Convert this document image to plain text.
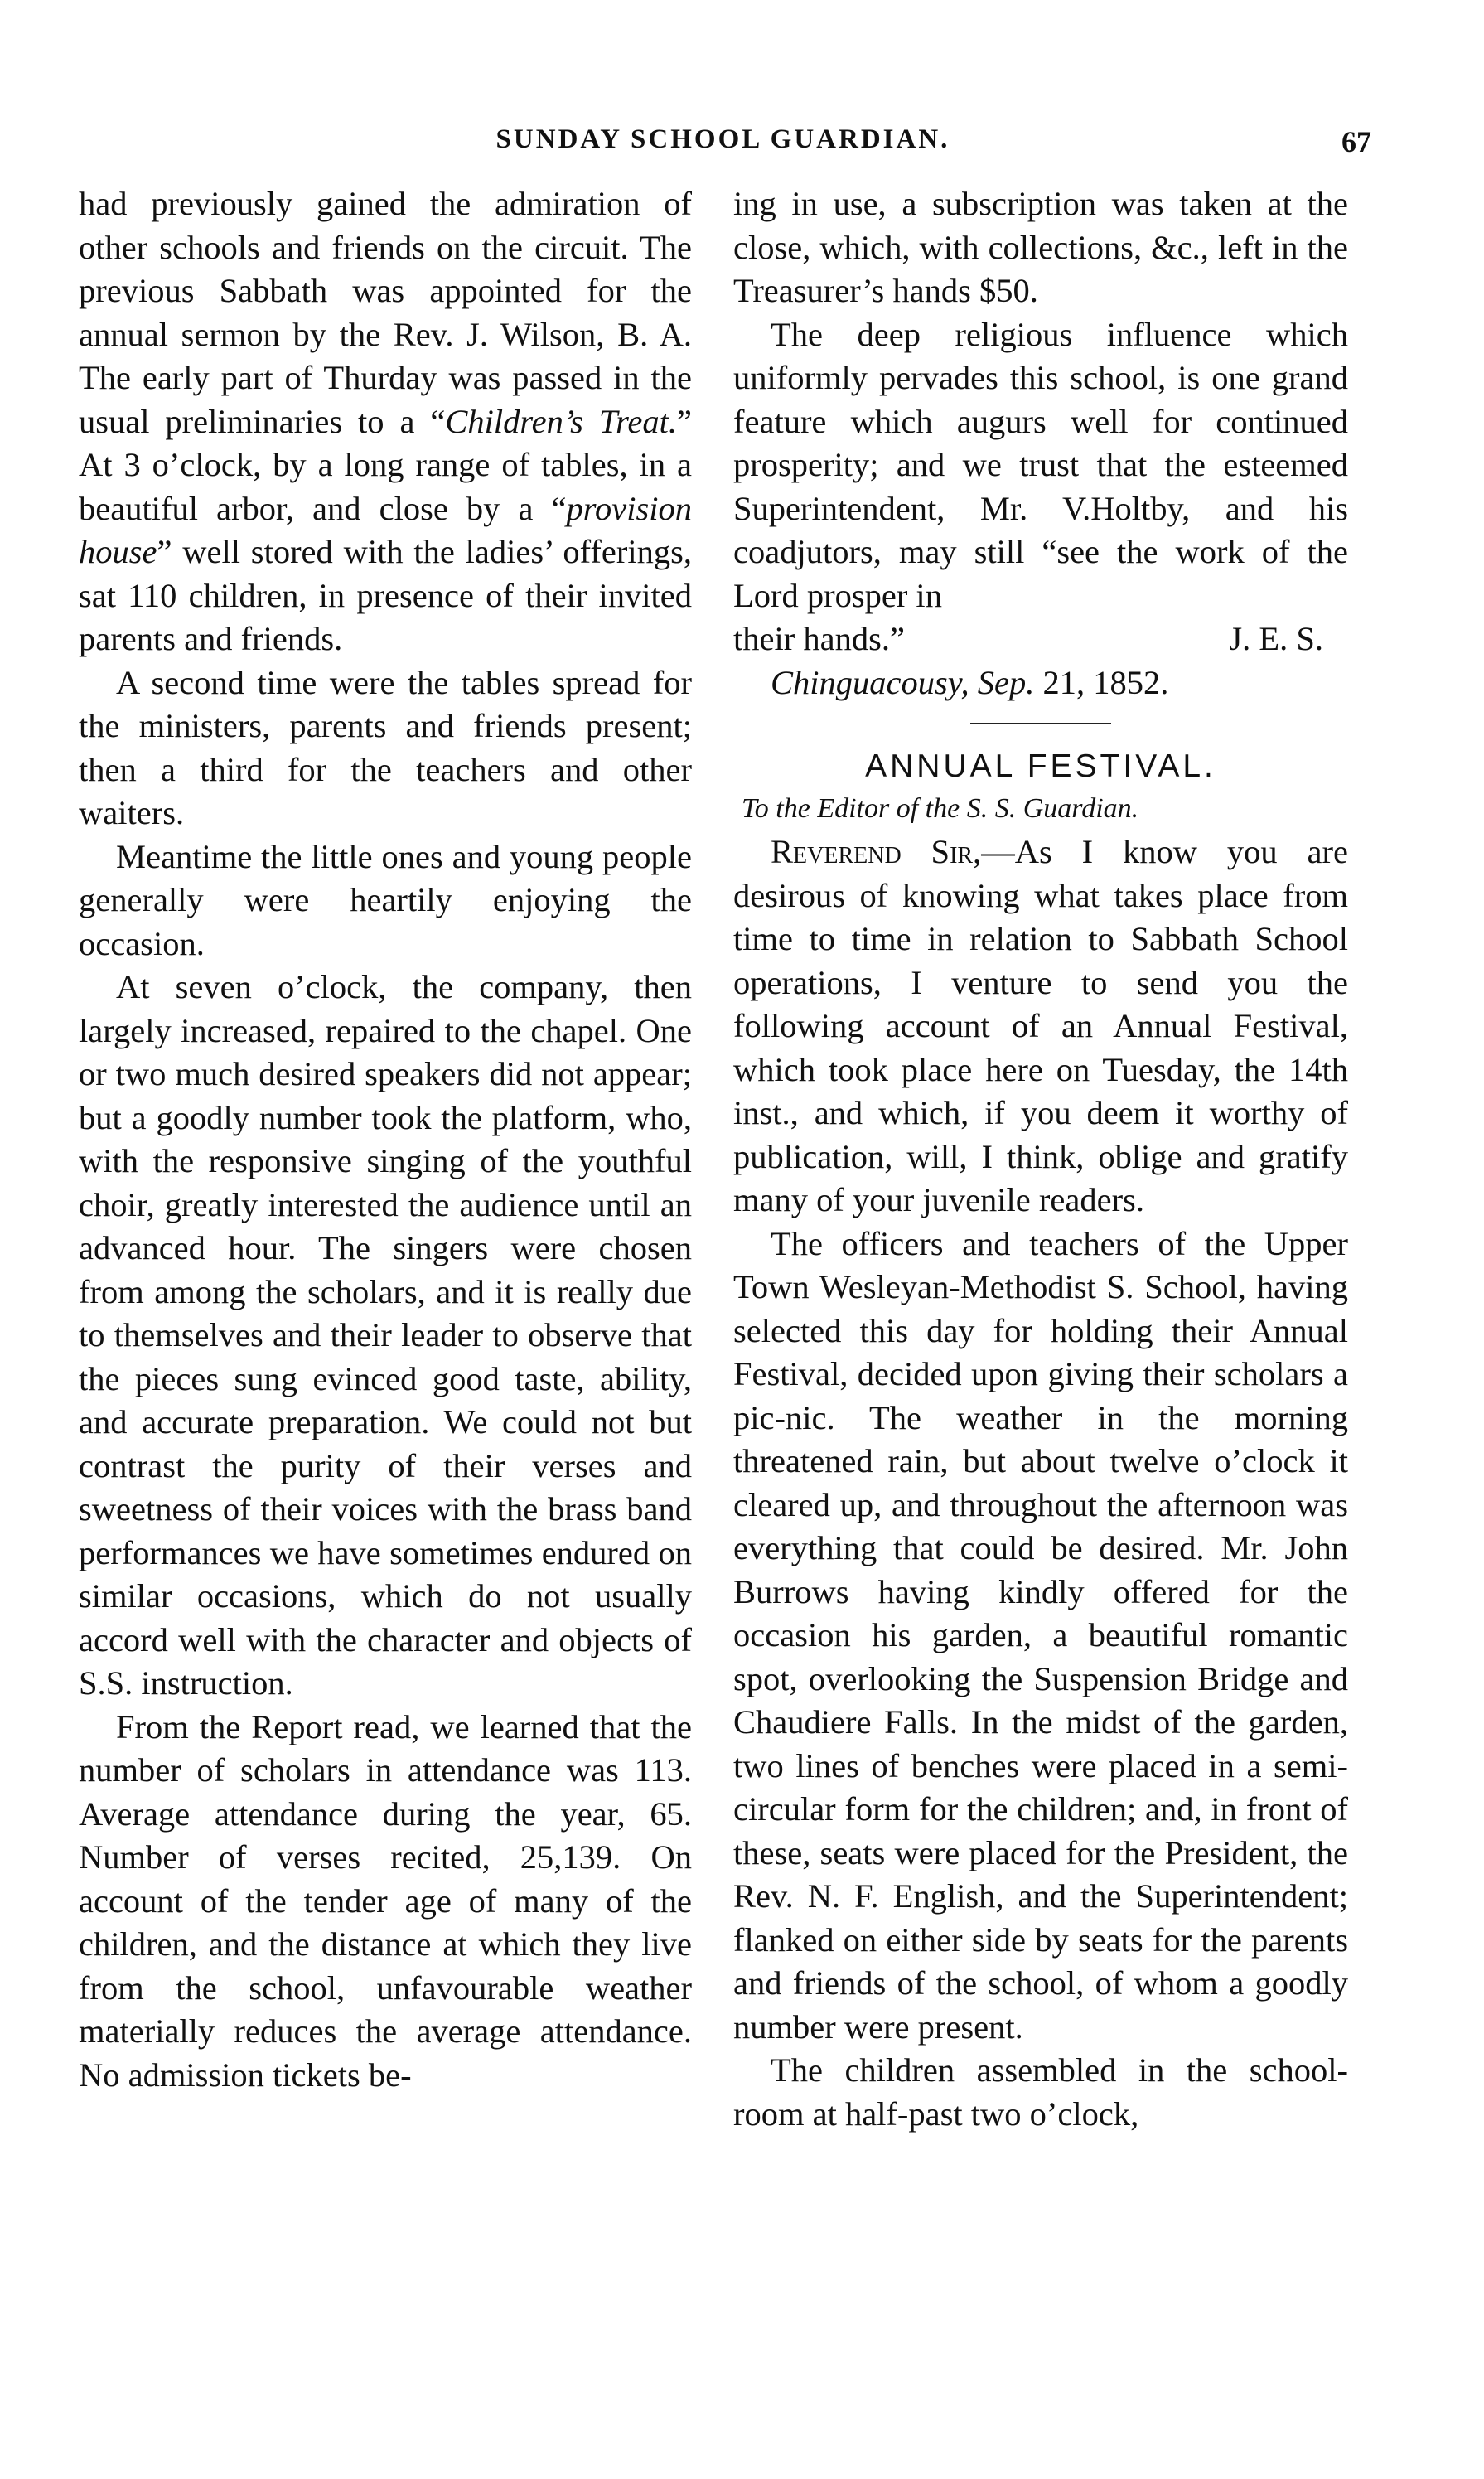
SUNDAY SCHOOL GUARDIAN.	67

had previously gained the admiration of other schools and friends on the circuit. The previous Sabbath was appointed for the annual sermon by the Rev. J. Wilson, B. A. The early part of Thurday was passed in the usual preliminaries to a “Children’s Treat.” At 3 o’clock, by a long range of tables, in a beautiful arbor, and close by a “provision house” well stored with the ladies’ offerings, sat 110 children, in presence of their invited parents and friends.

A second time were the tables spread for the ministers, parents and friends present; then a third for the teachers and other waiters.

Meantime the little ones and young people generally were heartily enjoying the occasion.

At seven o’clock, the company, then largely increased, repaired to the chapel. One or two much desired speakers did not appear; but a goodly number took the platform, who, with the responsive singing of the youthful choir, greatly interested the audience until an advanced hour. The singers were chosen from among the scholars, and it is really due to themselves and their leader to observe that the pieces sung evinced good taste, ability, and accurate preparation. We could not but contrast the purity of their verses and sweetness of their voices with the brass band performances we have sometimes endured on similar occasions, which do not usually accord well with the character and objects of S.S. instruction.

From the Report read, we learned that the number of scholars in attendance was 113. Average attendance during the year, 65. Number of verses recited, 25,139. On account of the tender age of many of the children, and the distance at which they live from the school, unfavourable weather materially reduces the average attendance. No admission tickets be-

ing in use, a subscription was taken at the close, which, with collections, &c., left in the Treasurer’s hands $50.

The deep religious influence which uniformly pervades this school, is one grand feature which augurs well for continued prosperity; and we trust that the esteemed Superintendent, Mr. V.Holtby, and his coadjutors, may still “see the work of the Lord prosper in

their hands.”	J. E. S.
Chinguacousy, Sep. 21, 1852.
ANNUAL FESTIVAL.
To the Editor of the S. S. Guardian.

Reverend Sir,—As I know you are desirous of knowing what takes place from time to time in relation to Sabbath School operations, I venture to send you the following account of an Annual Festival, which took place here on Tuesday, the 14th inst., and which, if you deem it worthy of publication, will, I think, oblige and gratify many of your juvenile readers.

The officers and teachers of the Upper Town Wesleyan-Methodist S. School, having selected this day for holding their Annual Festival, decided upon giving their scholars a pic-nic. The weather in the morning threatened rain, but about twelve o’clock it cleared up, and throughout the afternoon was everything that could be desired. Mr. John Burrows having kindly offered for the occasion his garden, a beautiful romantic spot, overlooking the Suspension Bridge and Chaudiere Falls. In the midst of the garden, two lines of benches were placed in a semi-circular form for the children; and, in front of these, seats were placed for the President, the Rev. N. F. English, and the Superintendent; flanked on either side by seats for the parents and friends of the school, of whom a goodly number were present.

The children assembled in the school-room at half-past two o’clock,
